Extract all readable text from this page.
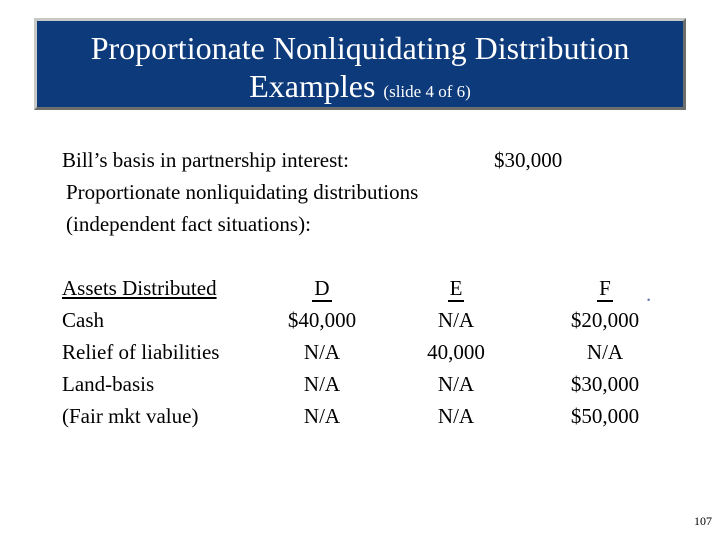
Proportionate Nonliquidating Distribution
Examples (slide 4 of 6)
Bill’s basis in partnership interest:	$30,000
Proportionate nonliquidating distributions
(independent fact situations):
Assets Distributed	D	E	F	.
Cash	$40,000	N/A	$20,000
Relief of liabilities	N/A	40,000	N/A
Land-basis	N/A	N/A	$30,000
(Fair mkt value)	N/A	N/A	$50,000
107
